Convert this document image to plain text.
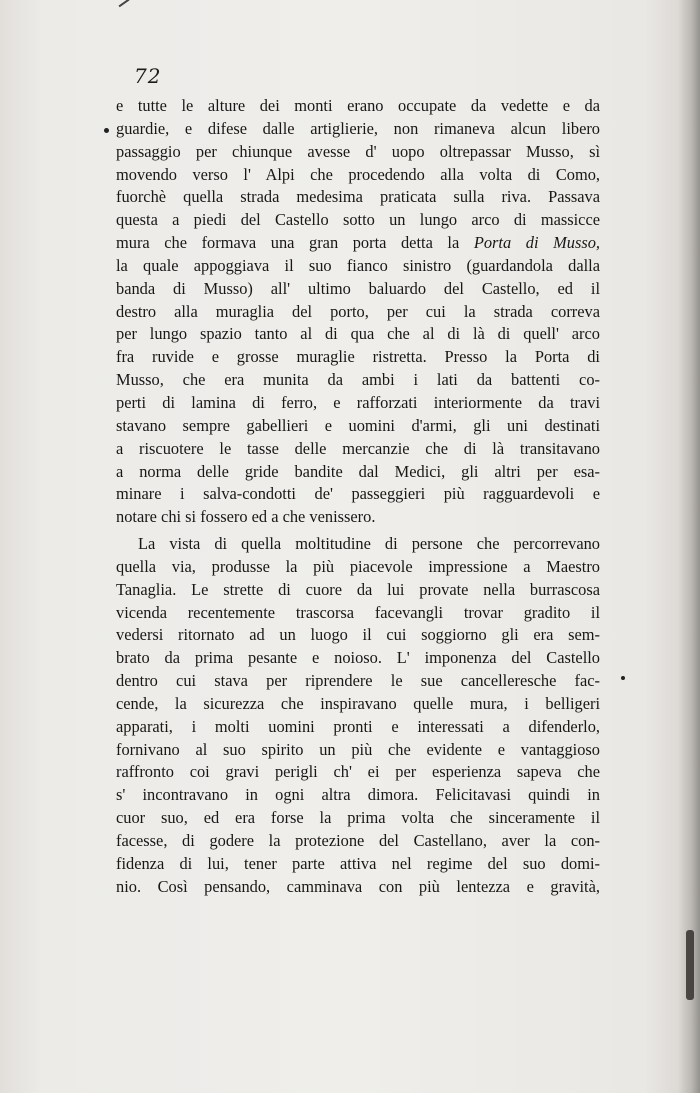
72
e tutte le alture dei monti erano occupate da vedette e da
guardie, e difese dalle artiglierie, non rimaneva alcun libero
passaggio per chiunque avesse d' uopo oltrepassar Musso, sì
movendo verso l' Alpi che procedendo alla volta di Como,
fuorchè quella strada medesima praticata sulla riva. Passava
questa a piedi del Castello sotto un lungo arco di massicce
mura che formava una gran porta detta la Porta di Musso,
la quale appoggiava il suo fianco sinistro (guardandola dalla
banda di Musso) all' ultimo baluardo del Castello, ed il
destro alla muraglia del porto, per cui la strada correva
per lungo spazio tanto al di qua che al di là di quell' arco
fra ruvide e grosse muraglie ristretta. Presso la Porta di
Musso, che era munita da ambi i lati da battenti co-
perti di lamina di ferro, e rafforzati interiormente da travi
stavano sempre gabellieri e uomini d'armi, gli uni destinati
a riscuotere le tasse delle mercanzie che di là transitavano
a norma delle gride bandite dal Medici, gli altri per esa-
minare i salva-condotti de' passeggieri più ragguardevoli e
notare chi si fossero ed a che venissero.
La vista di quella moltitudine di persone che percorrevano
quella via, produsse la più piacevole impressione a Maestro
Tanaglia. Le strette di cuore da lui provate nella burrascosa
vicenda recentemente trascorsa facevangli trovar gradito il
vedersi ritornato ad un luogo il cui soggiorno gli era sem-
brato da prima pesante e noioso. L' imponenza del Castello
dentro cui stava per riprendere le sue cancelleresche fac-
cende, la sicurezza che inspiravano quelle mura, i belligeri
apparati, i molti uomini pronti e interessati a difenderlo,
fornivano al suo spirito un più che evidente e vantaggioso
raffronto coi gravi perigli ch' ei per esperienza sapeva che
s' incontravano in ogni altra dimora. Felicitavasi quindi in
cuor suo, ed era forse la prima volta che sinceramente il
facesse, di godere la protezione del Castellano, aver la con-
fidenza di lui, tener parte attiva nel regime del suo domi-
nio. Così pensando, camminava con più lentezza e gravità,
